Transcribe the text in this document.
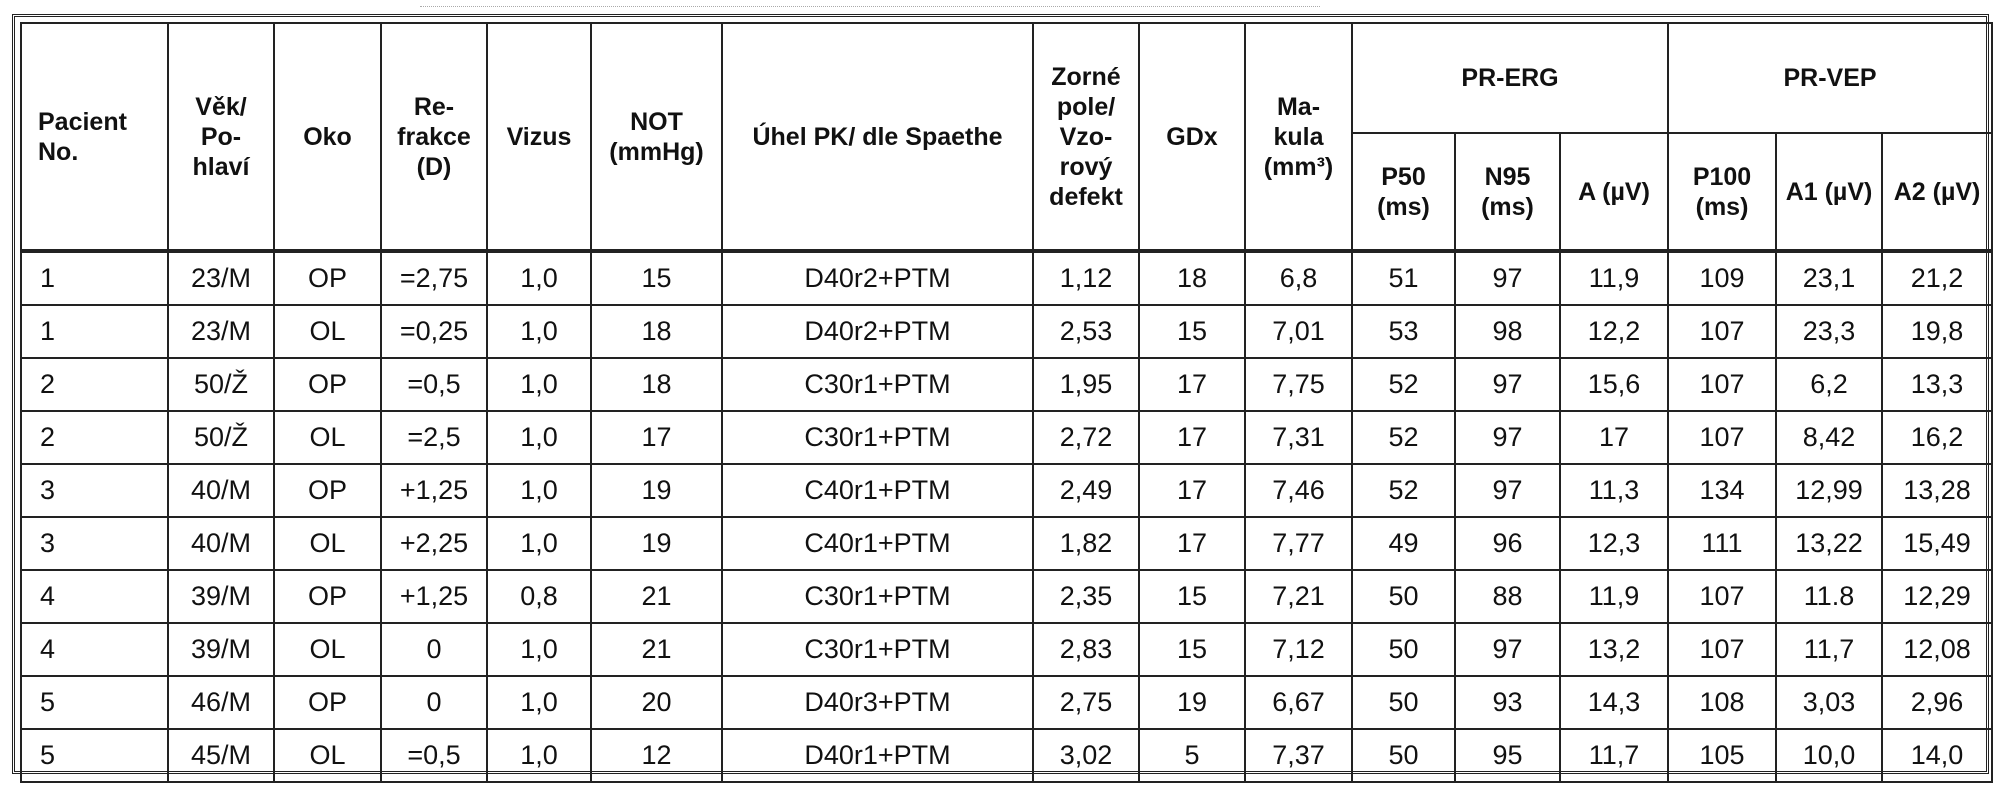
Pacient No.	Věk/ Po- hlaví	Oko	Re- frakce (D)	Vizus	NOT (mmHg)	Úhel PK/ dle Spaethe	Zorné pole/ Vzo- rový defekt	GDx	Ma- kula (mm³)	PR-ERG			PR-VEP		
										P50 (ms)	N95 (ms)	A (µV)	P100 (ms)	A1 (µV)	A2 (µV)
1	23/M	OP	=2,75	1,0	15	D40r2+PTM	1,12	18	6,8	51	97	11,9	109	23,1	21,2
1	23/M	OL	=0,25	1,0	18	D40r2+PTM	2,53	15	7,01	53	98	12,2	107	23,3	19,8
2	50/Ž	OP	=0,5	1,0	18	C30r1+PTM	1,95	17	7,75	52	97	15,6	107	6,2	13,3
2	50/Ž	OL	=2,5	1,0	17	C30r1+PTM	2,72	17	7,31	52	97	17	107	8,42	16,2
3	40/M	OP	+1,25	1,0	19	C40r1+PTM	2,49	17	7,46	52	97	11,3	134	12,99	13,28
3	40/M	OL	+2,25	1,0	19	C40r1+PTM	1,82	17	7,77	49	96	12,3	111	13,22	15,49
4	39/M	OP	+1,25	0,8	21	C30r1+PTM	2,35	15	7,21	50	88	11,9	107	11.8	12,29
4	39/M	OL	0	1,0	21	C30r1+PTM	2,83	15	7,12	50	97	13,2	107	11,7	12,08
5	46/M	OP	0	1,0	20	D40r3+PTM	2,75	19	6,67	50	93	14,3	108	3,03	2,96
5	45/M	OL	=0,5	1,0	12	D40r1+PTM	3,02	5	7,37	50	95	11,7	105	10,0	14,0
